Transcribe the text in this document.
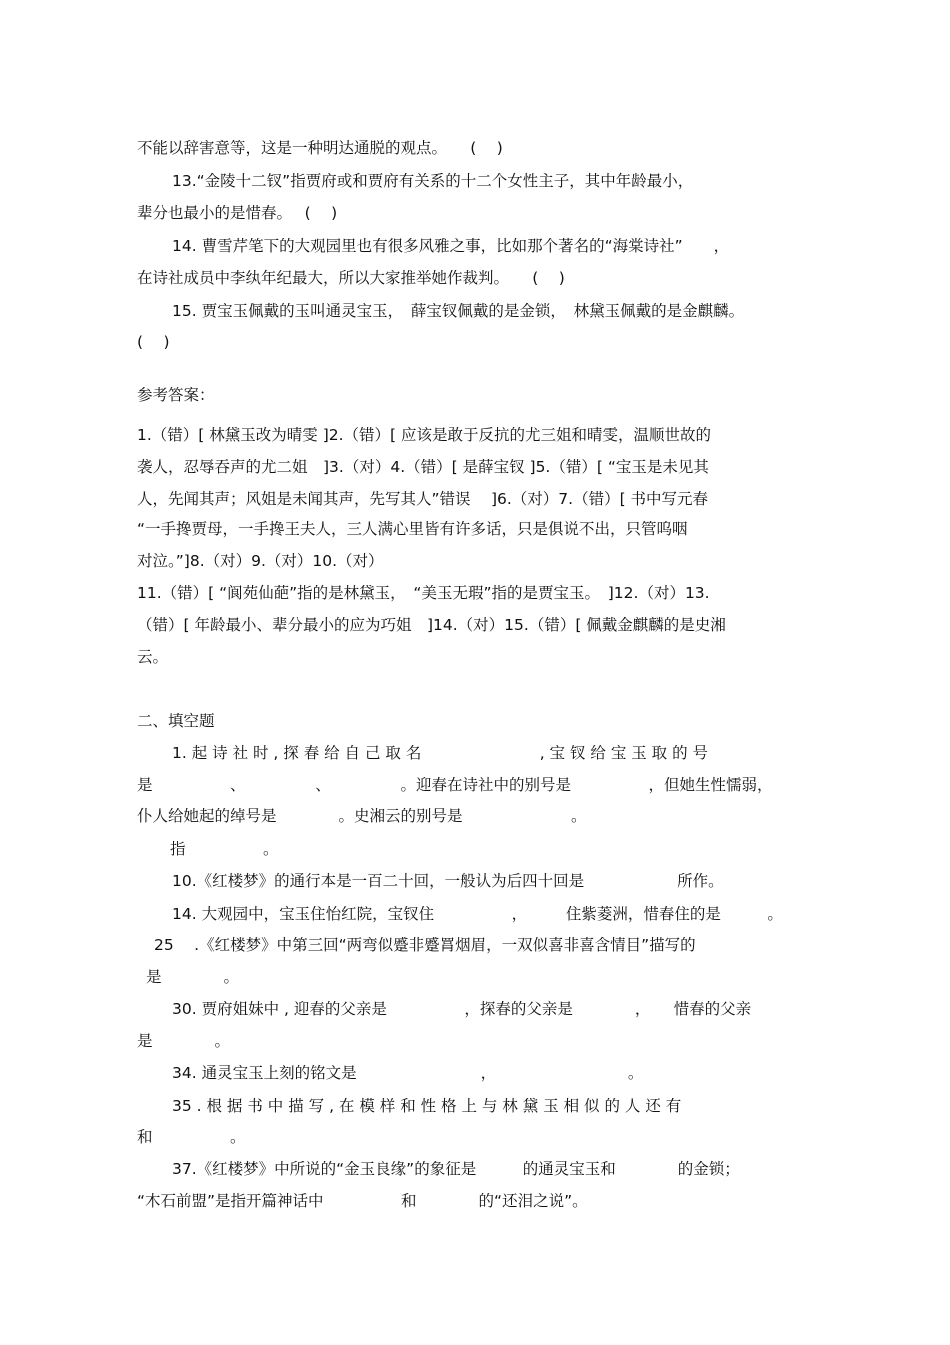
不能以辞害意等，这是一种明达通脱的观点。　　(　 )
13.“金陵十二钗”指贾府或和贾府有关系的十二个女性主子，其中年龄最小，
辈分也最小的是惜春。　 (　 )
14. 曹雪芹笔下的大观园里也有很多风雅之事，比如那个著名的“海棠诗社”　　，
在诗社成员中李纨年纪最大，所以大家推举她作裁判。　　(　 )
15. 贾宝玉佩戴的玉叫通灵宝玉，　薛宝钗佩戴的是金锁，　林黛玉佩戴的是金麒麟。
(　 )
参考答案：
1.（错）[ 林黛玉改为晴雯 ]2.（错）[ 应该是敢于反抗的尤三姐和晴雯，温顺世故的
袭人，忍辱吞声的尤二姐　]3.（对）4.（错）[ 是薛宝钗 ]5.（错）[ “宝玉是未见其
人，先闻其声；风姐是未闻其声，先写其人”错误　 ]6.（对）7.（错）[ 书中写元春
“一手搀贾母，一手搀王夫人，三人满心里皆有许多话，只是俱说不出，只管呜咽
对泣。”]8.（对）9.（对）10.（对）
11.（错）[ “阆苑仙葩”指的是林黛玉，　“美玉无瑕”指的是贾宝玉。　]12.（对）13.
（错）[ 年龄最小、辈分最小的应为巧姐　]14.（对）15.（错）[ 佩戴金麒麟的是史湘
云。
二、填空题
1. 起 诗 社 时 , 探 春 给 自 己 取 名 　　　　　　　 , 宝 钗 给 宝 玉 取 的 号
是　　　　　、　　　　　、　　　　　。迎春在诗社中的别号是　　　　　，但她生性懦弱，
仆人给她起的绰号是　　　　。史湘云的别号是　　　　　　　。
指　　　　　。
10.《红楼梦》的通行本是一百二十回，一般认为后四十回是　　　　　　所作。
14. 大观园中，宝玉住怡红院，宝钗住　　　　　，　　　住紫菱洲，惜春住的是　　　。
25　 .《红楼梦》中第三回“两弯似蹙非蹙罥烟眉，一双似喜非喜含情目”描写的
是　　　　。
30. 贾府姐妹中 , 迎春的父亲是　　　　　，探春的父亲是　　　　，　　惜春的父亲
是　　　　。
34. 通灵宝玉上刻的铭文是　　　　　　　　，　　　　　　　　　。
35 . 根 据 书 中 描 写 , 在 模 样 和 性 格 上 与 林 黛 玉 相 似 的 人 还 有
和　　　　　。
37.《红楼梦》中所说的“金玉良缘”的象征是　　　的通灵宝玉和　　　　的金锁；
“木石前盟”是指开篇神话中　　　　　和　　　　的“还泪之说”。
